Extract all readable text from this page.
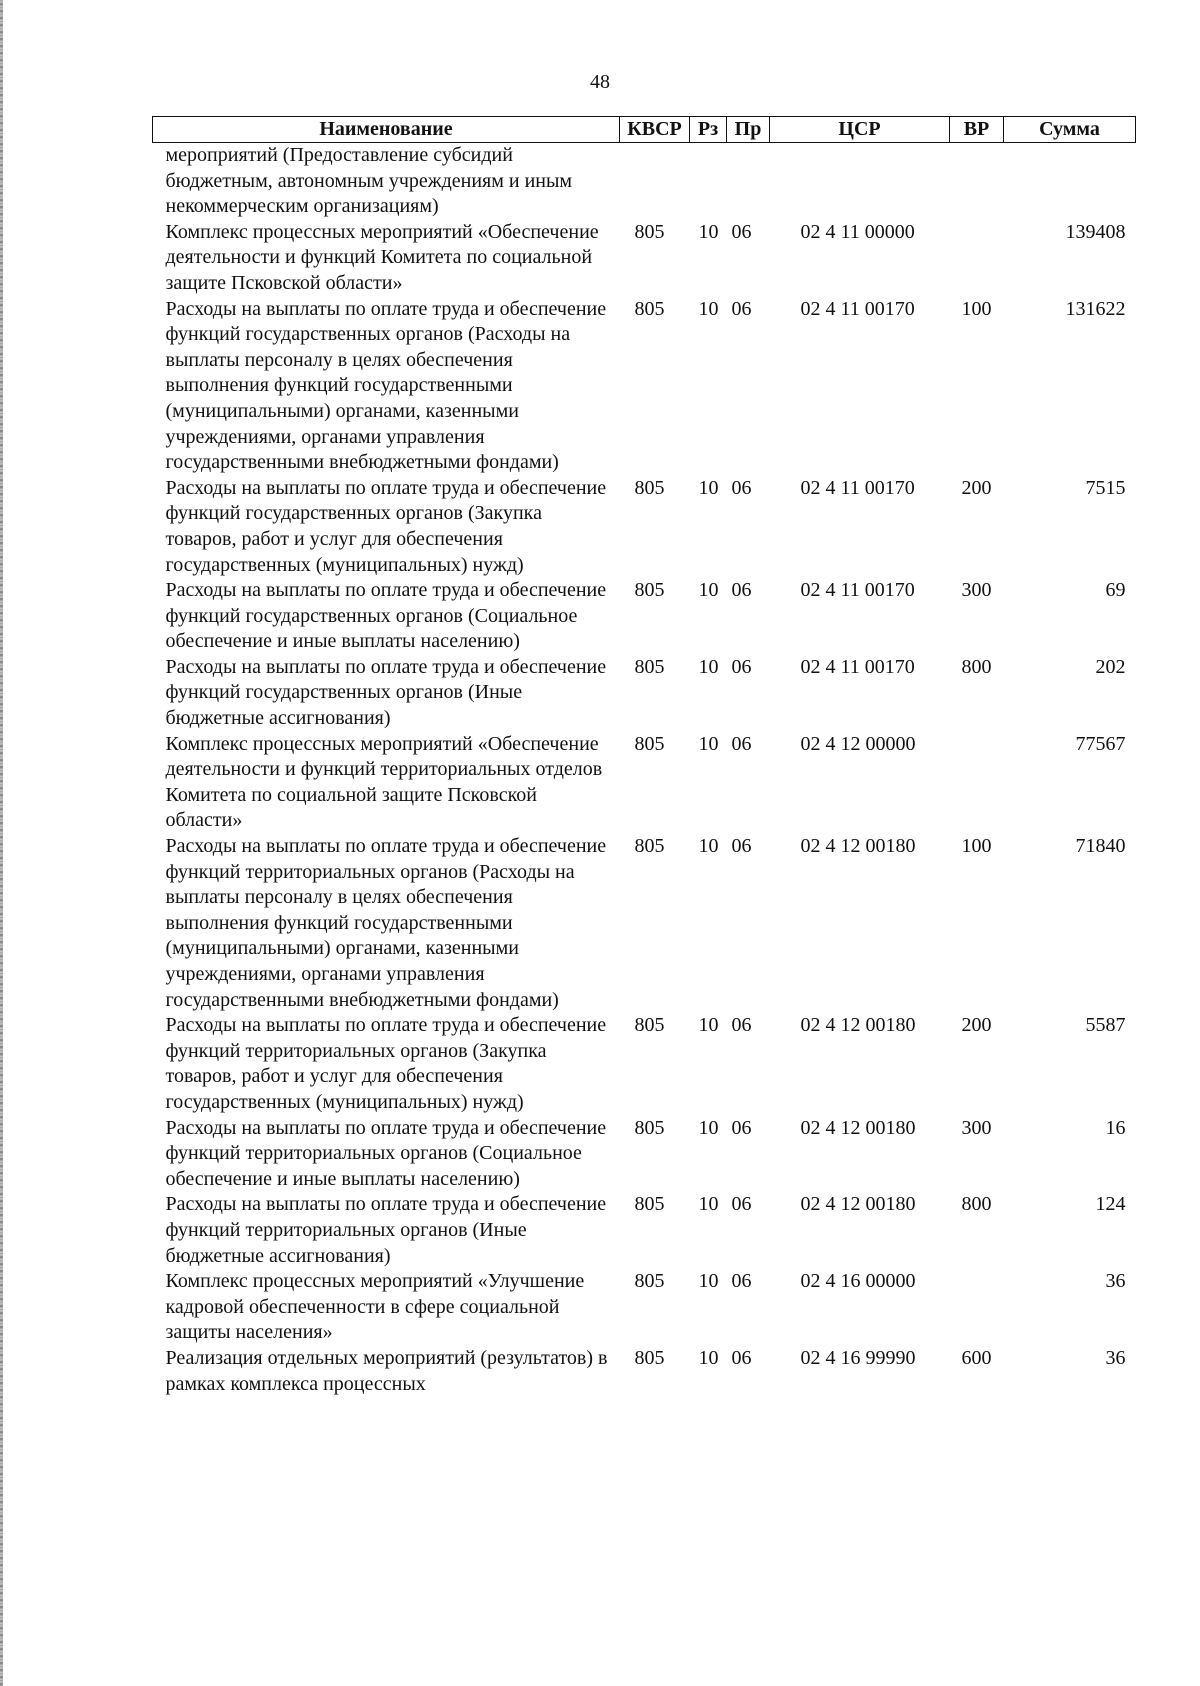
48
Наименование	КВСР	Рз	Пр	ЦСР	ВР	Сумма
мероприятий (Предоставление субсидий бюджетным, автономным учреждениям и иным некоммерческим организациям)						
Комплекс процессных мероприятий «Обеспечение деятельности и функций Комитета по социальной защите Псковской области»	805	10	06	02 4 11 00000		139408
Расходы на выплаты по оплате труда и обеспечение функций государственных органов (Расходы на выплаты персоналу в целях обеспечения выполнения функций государственными (муниципальными) органами, казенными учреждениями, органами управления государственными внебюджетными фондами)	805	10	06	02 4 11 00170	100	131622
Расходы на выплаты по оплате труда и обеспечение функций государственных органов (Закупка товаров, работ и услуг для обеспечения государственных (муниципальных) нужд)	805	10	06	02 4 11 00170	200	7515
Расходы на выплаты по оплате труда и обеспечение функций государственных органов (Социальное обеспечение и иные выплаты населению)	805	10	06	02 4 11 00170	300	69
Расходы на выплаты по оплате труда и обеспечение функций государственных органов (Иные бюджетные ассигнования)	805	10	06	02 4 11 00170	800	202
Комплекс процессных мероприятий «Обеспечение деятельности и функций территориальных отделов Комитета по социальной защите Псковской области»	805	10	06	02 4 12 00000		77567
Расходы на выплаты по оплате труда и обеспечение функций территориальных органов (Расходы на выплаты персоналу в целях обеспечения выполнения функций государственными (муниципальными) органами, казенными учреждениями, органами управления государственными внебюджетными фондами)	805	10	06	02 4 12 00180	100	71840
Расходы на выплаты по оплате труда и обеспечение функций территориальных органов (Закупка товаров, работ и услуг для обеспечения государственных (муниципальных) нужд)	805	10	06	02 4 12 00180	200	5587
Расходы на выплаты по оплате труда и обеспечение функций территориальных органов (Социальное обеспечение и иные выплаты населению)	805	10	06	02 4 12 00180	300	16
Расходы на выплаты по оплате труда и обеспечение функций территориальных органов (Иные бюджетные ассигнования)	805	10	06	02 4 12 00180	800	124
Комплекс процессных мероприятий «Улучшение кадровой обеспеченности в сфере социальной защиты населения»	805	10	06	02 4 16 00000		36
Реализация отдельных мероприятий (результатов) в рамках комплекса процессных	805	10	06	02 4 16 99990	600	36
